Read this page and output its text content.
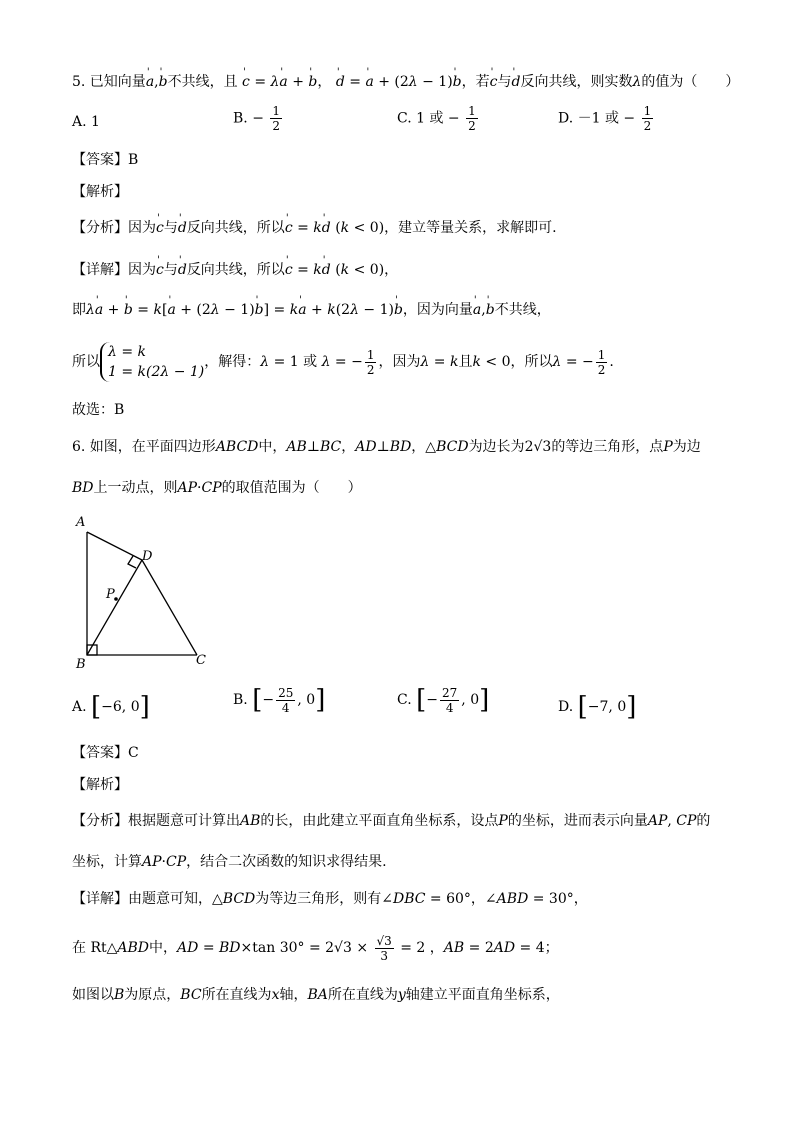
5. 已知向量' a,' b不共线，且 ' c = λ' a + ' b， ' d = ' a + (2λ − 1)' b，若' c与' d反向共线，则实数λ的值为（　　）
A. 1	B. − $\frac{1}{2}$	C. 1 或 − $\frac{1}{2}$	D. －1 或 − $\frac{1}{2}$
【答案】B
【解析】
【分析】因为' c与' d反向共线，所以' c = k' d (k < 0)，建立等量关系，求解即可.
【详解】因为' c与' d反向共线，所以' c = k' d (k < 0)，
即λ' a + ' b = k[' a + (2λ − 1)' b] = k' a + k(2λ − 1)' b，因为向量' a,' b不共线，
所以λ = k
1 = k(2λ − 1)，解得：λ = 1 或 λ = − $\frac{1}{2}$ ，因为λ = k且k < 0，所以λ = − $\frac{1}{2}$ .
故选：B
6. 如图，在平面四边形ABCD中，AB⊥BC，AD⊥BD，△BCD为边长为2√3的等边三角形，点P为边
BD上一动点，则AP·CP的取值范围为（　　）
A
B	C
D
P
A. [−6, 0]	B. [− $\frac{25}{4}$ , 0]	C. [− $\frac{27}{4}$ , 0]	D. [−7, 0]
【答案】C
【解析】
【分析】根据题意可计算出AB的长，由此建立平面直角坐标系，设点P的坐标，进而表示向量AP, CP的
坐标，计算AP·CP，结合二次函数的知识求得结果.
【详解】由题意可知，△BCD为等边三角形，则有∠DBC = 60°，∠ABD = 30°，
在 Rt△ABD中，AD = BD×tan $30^\circ = 2√3 \times \frac{√3}{3} = 2$ ，AB = 2AD = 4；
如图以B为原点，BC所在直线为x轴，BA所在直线为y轴建立平面直角坐标系，
